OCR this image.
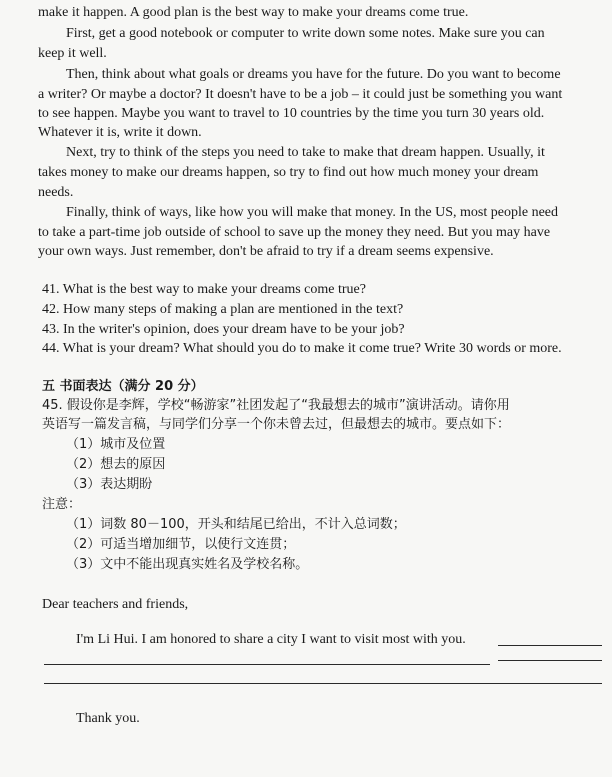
make it happen. A good plan is the best way to make your dreams come true.
First, get a good notebook or computer to write down some notes. Make sure you can
keep it well.
Then, think about what goals or dreams you have for the future. Do you want to become
a writer? Or maybe a doctor? It doesn't have to be a job – it could just be something you want
to see happen. Maybe you want to travel to 10 countries by the time you turn 30 years old.
Whatever it is, write it down.
Next, try to think of the steps you need to take to make that dream happen. Usually, it
takes money to make our dreams happen, so try to find out how much money your dream
needs.
Finally, think of ways, like how you will make that money. In the US, most people need
to take a part-time job outside of school to save up the money they need. But you may have
your own ways. Just remember, don't be afraid to try if a dream seems expensive.
41. What is the best way to make your dreams come true?
42. How many steps of making a plan are mentioned in the text?
43. In the writer's opinion, does your dream have to be your job?
44. What is your dream? What should you do to make it come true? Write 30 words or more.
五 书面表达（满分 20 分）
45. 假设你是李辉，学校“畅游家”社团发起了“我最想去的城市”演讲活动。请你用
英语写一篇发言稿，与同学们分享一个你未曾去过，但最想去的城市。要点如下：
（1）城市及位置
（2）想去的原因
（3）表达期盼
注意：
（1）词数 80－100，开头和结尾已给出，不计入总词数；
（2）可适当增加细节，以使行文连贯；
（3）文中不能出现真实姓名及学校名称。
Dear teachers and friends,
I'm Li Hui. I am honored to share a city I want to visit most with you.
Thank you.
